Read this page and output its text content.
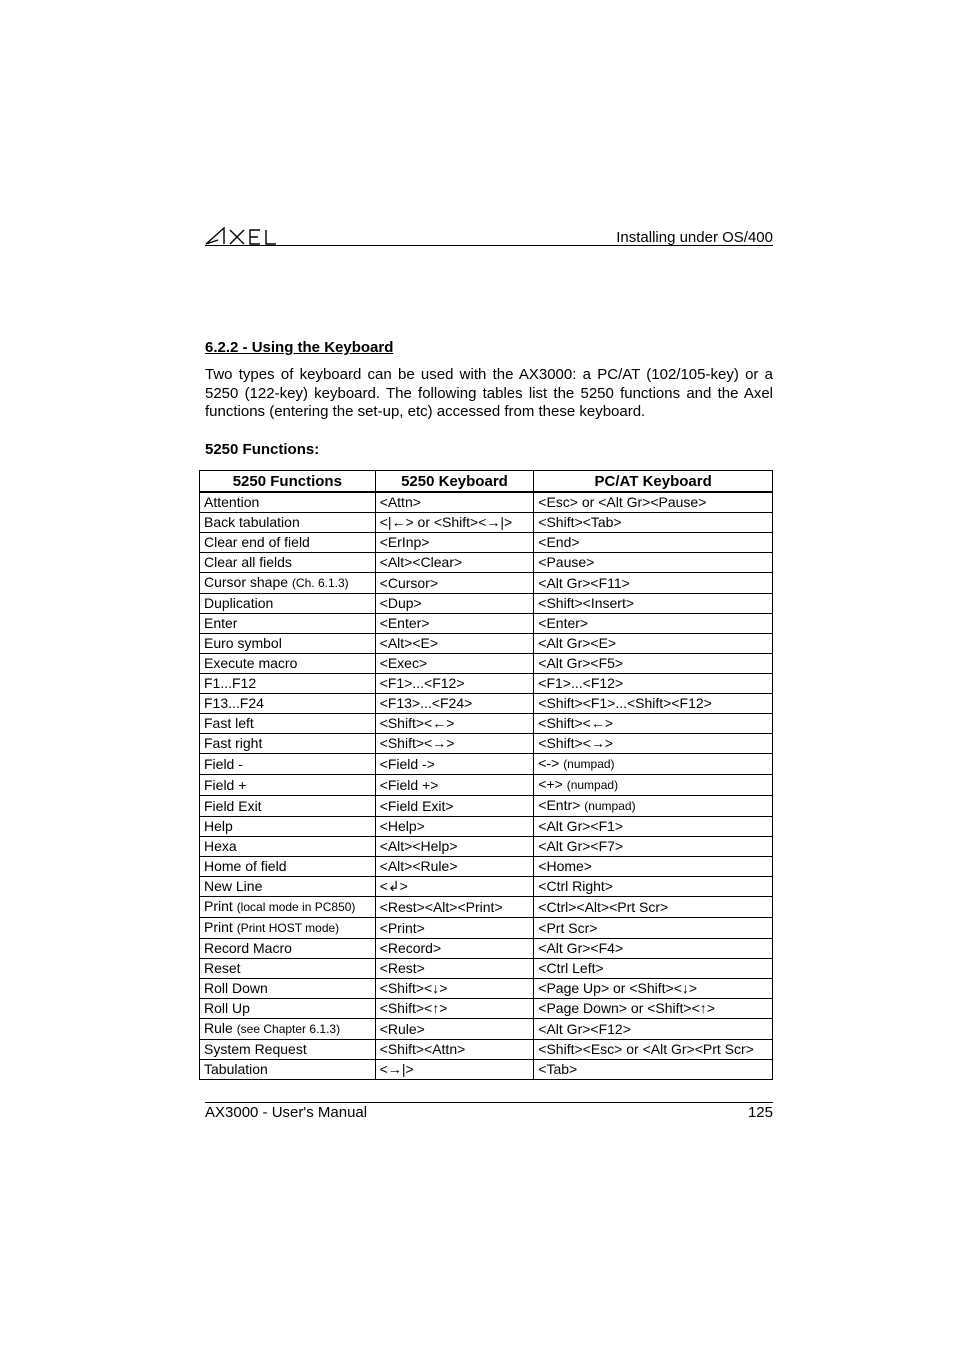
Installing under OS/400
6.2.2 - Using the Keyboard
Two types of keyboard can be used with the AX3000: a PC/AT (102/105-key) or a 5250 (122-key) keyboard. The following tables list the 5250 functions and the Axel functions (entering the set-up, etc) accessed from these keyboard.
5250 Functions:
5250 Functions	5250 Keyboard	PC/AT Keyboard
Attention	<Attn>	<Esc> or <Alt Gr><Pause>
Back tabulation	<|←> or <Shift><→|>	<Shift><Tab>
Clear end of field	<ErInp>	<End>
Clear all fields	<Alt><Clear>	<Pause>
Cursor shape (Ch. 6.1.3)	<Cursor>	<Alt Gr><F11>
Duplication	<Dup>	<Shift><Insert>
Enter	<Enter>	<Enter>
Euro symbol	<Alt><E>	<Alt Gr><E>
Execute macro	<Exec>	<Alt Gr><F5>
F1...F12	<F1>...<F12>	<F1>...<F12>
F13...F24	<F13>...<F24>	<Shift><F1>...<Shift><F12>
Fast left	<Shift><←>	<Shift><←>
Fast right	<Shift><→>	<Shift><→>
Field -	<Field ->	<-> (numpad)
Field +	<Field +>	<+> (numpad)
Field Exit	<Field Exit>	<Entr> (numpad)
Help	<Help>	<Alt Gr><F1>
Hexa	<Alt><Help>	<Alt Gr><F7>
Home of field	<Alt><Rule>	<Home>
New Line	<↲>	<Ctrl Right>
Print (local mode in PC850)	<Rest><Alt><Print>	<Ctrl><Alt><Prt Scr>
Print (Print HOST mode)	<Print>	<Prt Scr>
Record Macro	<Record>	<Alt Gr><F4>
Reset	<Rest>	<Ctrl Left>
Roll Down	<Shift><↓>	<Page Up> or <Shift><↓>
Roll Up	<Shift><↑>	<Page Down> or <Shift><↑>
Rule (see Chapter 6.1.3)	<Rule>	<Alt Gr><F12>
System Request	<Shift><Attn>	<Shift><Esc> or <Alt Gr><Prt Scr>
Tabulation	<→|>	<Tab>
AX3000 - User's Manual	125
